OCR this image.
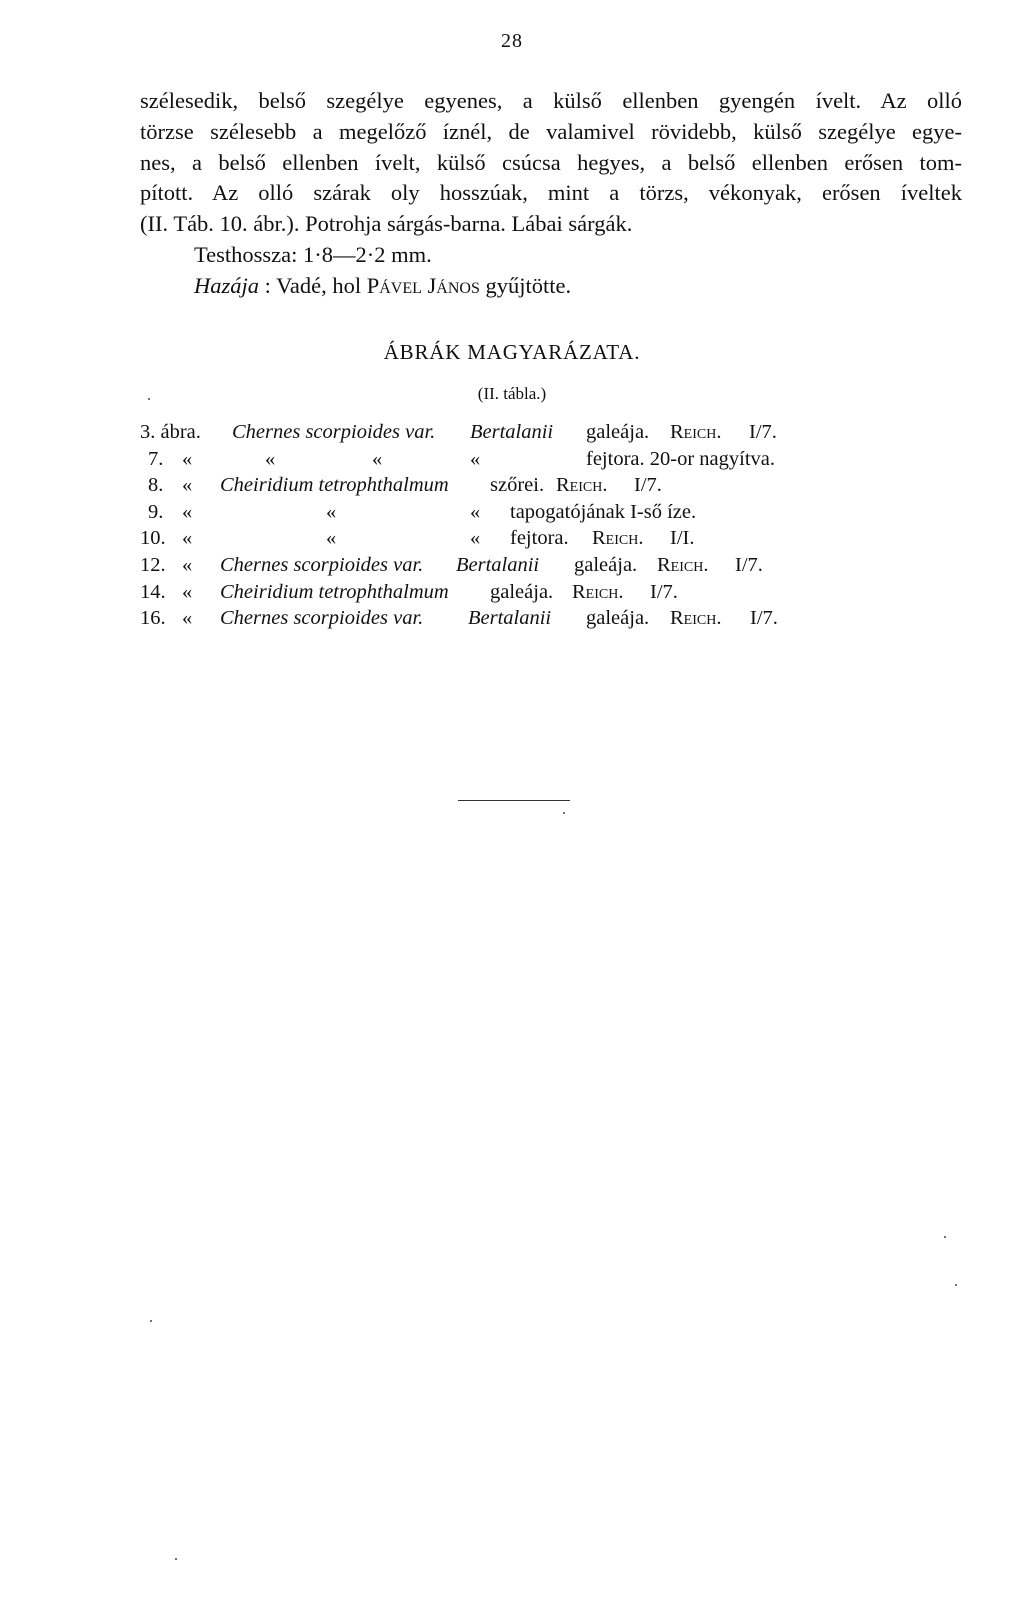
28
szélesedik, belső szegélye egyenes, a külső ellenben gyengén ívelt. Az olló
törzse szélesebb a megelőző íznél, de valamivel rövidebb, külső szegélye egye-
nes, a belső ellenben ívelt, külső csúcsa hegyes, a belső ellenben erősen tom-
pított. Az olló szárak oly hosszúak, mint a törzs, vékonyak, erősen íveltek
(II. Táb. 10. ábr.). Potrohja sárgás-barna. Lábai sárgák.
Testhossza: 1·8—2·2 mm.
Hazája : Vadé, hol Pável János gyűjtötte.
ÁBRÁK MAGYARÁZATA.
(II. tábla.)
3. ábra. Chernes scorpioides var. Bertalanii galeája. Reich. I/7.
7. «	«	«	«	fejtora. 20-or nagyítva.
8. « Cheiridium tetrophthalmum szőrei. Reich. I/7.
9. «	«	« tapogatójának I-ső íze.
10. «	«	« fejtora. Reich. I/I.
12. « Chernes scorpioides var. Bertalanii galeája. Reich. I/7.
14. « Cheiridium tetrophthalmum galeája. Reich. I/7.
16. « Chernes scorpioides var. Bertalanii galeája. Reich. I/7.
